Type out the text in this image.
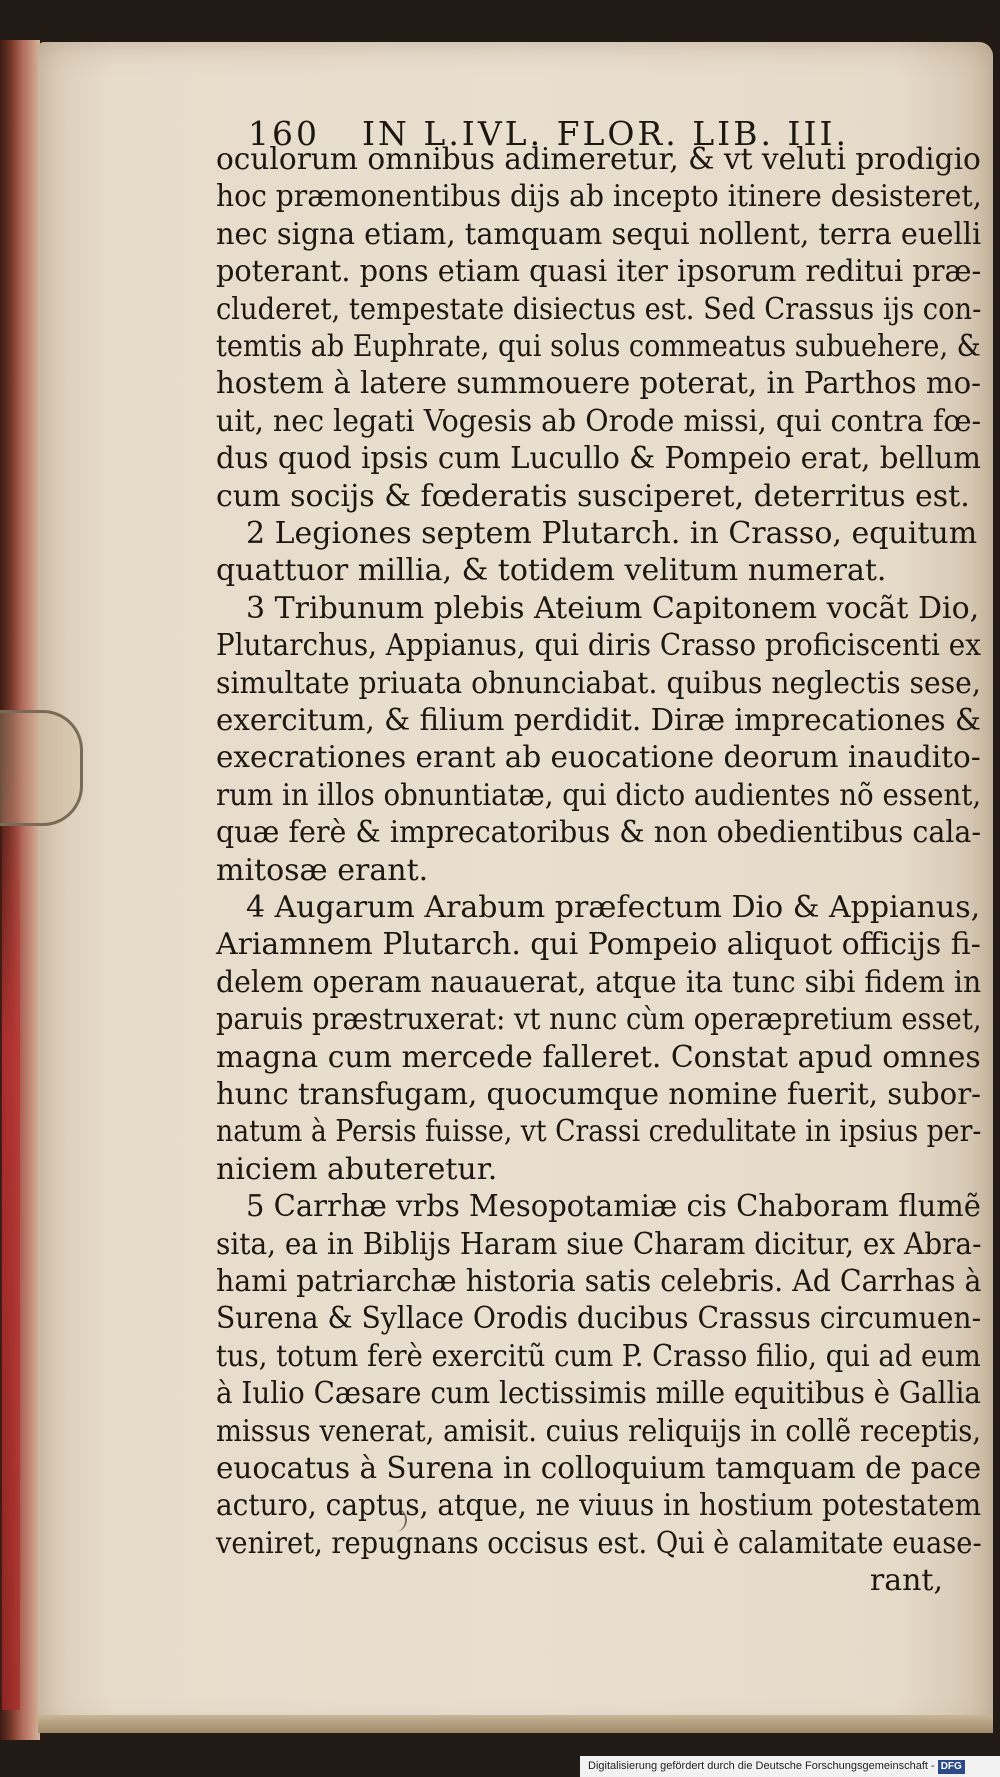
160 IN L.IVL. FLOR. LIB. III.
oculorum omnibus adimeretur, & vt veluti prodigio
hoc præmonentibus dijs ab incepto itinere desisteret,
nec signa etiam, tamquam sequi nollent, terra euelli
poterant. pons etiam quasi iter ipsorum reditui præ-
cluderet, tempestate disiectus est. Sed Crassus ijs con-
temtis ab Euphrate, qui solus commeatus subuehere, &
hostem à latere summouere poterat, in Parthos mo-
uit, nec legati Vogesis ab Orode missi, qui contra fœ-
dus quod ipsis cum Lucullo & Pompeio erat, bellum
cum socijs & fœderatis susciperet, deterritus est.
2 Legiones septem Plutarch. in Crasso, equitum
quattuor millia, & totidem velitum numerat.
3 Tribunum plebis Ateium Capitonem vocãt Dio,
Plutarchus, Appianus, qui diris Crasso proficiscenti ex
simultate priuata obnunciabat. quibus neglectis sese,
exercitum, & filium perdidit. Diræ imprecationes &
execrationes erant ab euocatione deorum inaudito-
rum in illos obnuntiatæ, qui dicto audientes nõ essent,
quæ ferè & imprecatoribus & non obedientibus cala-
mitosæ erant.
4 Augarum Arabum præfectum Dio & Appianus,
Ariamnem Plutarch. qui Pompeio aliquot officijs fi-
delem operam nauauerat, atque ita tunc sibi fidem in
paruis præstruxerat: vt nunc cùm operæpretium esset,
magna cum mercede falleret. Constat apud omnes
hunc transfugam, quocumque nomine fuerit, subor-
natum à Persis fuisse, vt Crassi credulitate in ipsius per-
niciem abuteretur.
5 Carrhæ vrbs Mesopotamiæ cis Chaboram flumẽ
sita, ea in Biblijs Haram siue Charam dicitur, ex Abra-
hami patriarchæ historia satis celebris. Ad Carrhas à
Surena & Syllace Orodis ducibus Crassus circumuen-
tus, totum ferè exercitũ cum P. Crasso filio, qui ad eum
à Iulio Cæsare cum lectissimis mille equitibus è Gallia
missus venerat, amisit. cuius reliquijs in collẽ receptis,
euocatus à Surena in colloquium tamquam de pace
acturo, captus, atque, ne viuus in hostium potestatem
veniret, repugnans occisus est. Qui è calamitate euase-
rant,
Digitalisierung gefördert durch die Deutsche Forschungsgemeinschaft - DFG
